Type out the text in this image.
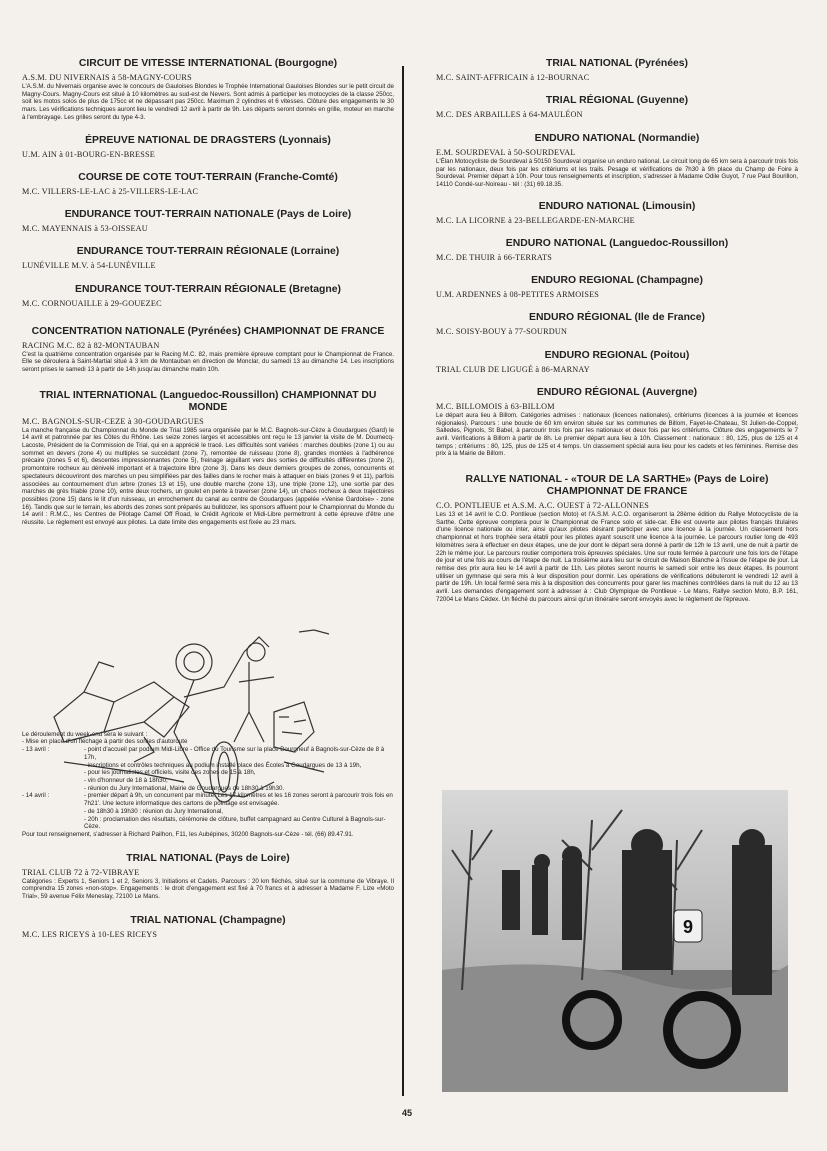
CIRCUIT DE VITESSE INTERNATIONAL (Bourgogne)

A.S.M. DU NIVERNAIS à 58-MAGNY-COURS

L'A.S.M. du Nivernais organise avec le concours de Gauloises Blondes le Trophée International Gauloises Blondes sur le petit circuit de Magny-Cours. Magny-Cours est situé à 10 kilomètres au sud-est de Nevers. Sont admis à participer les motocycles de la classe 250cc, soit les motos solos de plus de 175cc et ne dépassant pas 250cc. Maximum 2 cylindres et 6 vitesses. Clôture des engagements le 30 mars. Les vérifications techniques auront lieu le vendredi 12 avril à partir de 9h. Les départs seront donnés en grille, moteur en marche à l'embrayage. Les grilles seront du type 4-3.

ÉPREUVE NATIONAL DE DRAGSTERS (Lyonnais)

U.M. AIN à 01-BOURG-EN-BRESSE

COURSE DE COTE TOUT-TERRAIN (Franche-Comté)

M.C. VILLERS-LE-LAC à 25-VILLERS-LE-LAC

ENDURANCE TOUT-TERRAIN NATIONALE (Pays de Loire)

M.C. MAYENNAIS à 53-OISSEAU

ENDURANCE TOUT-TERRAIN RÉGIONALE (Lorraine)

LUNÉVILLE M.V. à 54-LUNÉVILLE

ENDURANCE TOUT-TERRAIN RÉGIONALE (Bretagne)

M.C. CORNOUAILLE à 29-GOUEZEC

CONCENTRATION NATIONALE (Pyrénées) CHAMPIONNAT DE FRANCE

RACING M.C. 82 à 82-MONTAUBAN

C'est la quatrième concentration organisée par le Racing M.C. 82, mais première épreuve comptant pour le Championnat de France. Elle se déroulera à Saint-Martial situé à 3 km de Montauban en direction de Monclar, du samedi 13 au dimanche 14. Les inscriptions seront prises le samedi 13 à partir de 14h jusqu'au dimanche matin 10h.

TRIAL INTERNATIONAL (Languedoc-Roussillon) CHAMPIONNAT DU MONDE

M.C. BAGNOLS-SUR-CEZE à 30-GOUDARGUES

La manche française du Championnat du Monde de Trial 1985 sera organisée par le M.C. Bagnols-sur-Cèze à Goudargues (Gard) le 14 avril et patronnée par les Côtes du Rhône. Les seize zones larges et accessibles ont reçu le 13 janvier la visite de M. Doumecq-Lacoste, Président de la Commission de Trial, qui en a apprécié le tracé. Les difficultés sont variées : marches doubles (zone 1) ou au sommet en devers (zone 4) ou multiples se succédant (zone 7), remontée de ruisseau (zone 8), grandes montées à l'adhérence précaire (zones 5 et 6), descentes impressionnantes (zone 5), freinage aiguillant vers des sorties de difficultés différentes (zone 2), promontoire rocheux au dénivelé important et à trajectoire libre (zone 3). Dans les deux derniers groupes de zones, concurrents et spectateurs découvriront des marches un peu simplifiées par des failles dans le rocher mais à attaquer en biais (zones 9 et 11), parfois associées au contournement d'un arbre (zones 13 et 15), une double marche (zone 13), une triple (zone 12), une sortie par des marches de grès friable (zone 10), entre deux rochers, un goulet en pente à traverser (zone 14), un chaos rocheux à deux trajectoires possibles (zone 15) dans le lit d'un ruisseau, un enrochement du canal au centre de Goudargues (appelée «Venise Gardoise» - zone 16). Tandis que sur le terrain, les abords des zones sont préparés au bulldozer, les sponsors affluent pour le Championnat du Monde du 14 avril : R.M.C., les Centres de Pilotage Camel Off Road, le Crédit Agricole et Midi-Libre permettront à cette épreuve d'être une réussite. Le règlement est envoyé aux pilotes. La date limite des engagements est fixée au 23 mars.

Le déroulement du week-end sera le suivant :
- Mise en place d'un fléchage à partir des sorties d'autoroute
- 13 avril :	- point d'accueil par podium Midi-Libre - Office du Tourisme sur la place Bourgneuf à Bagnols-sur-Cèze de 8 à 17h,
- inscriptions et contrôles techniques au podium installé place des Écoles à Goudargues de 13 à 19h,
- pour les journalistes et officiels, visite des zones de 15 à 18h,
- vin d'honneur de 18 à 18h30,
- réunion du Jury International, Mairie de Goudargues de 18h30 à 19h30.
- 14 avril :	- premier départ à 9h, un concurrent par minute. Les 17 kilomètres et les 16 zones seront à parcourir trois fois en 7h21'. Une lecture informatique des cartons de pointage est envisagée.
- de 18h30 à 19h30 : réunion du Jury International,
- 20h : proclamation des résultats, cérémonie de clôture, buffet campagnard au Centre Culturel à Bagnols-sur-Cèze.
Pour tout renseignement, s'adresser à Richard Pailhon, F11, les Aubépines, 30200 Bagnols-sur-Cèze - tél. (66) 89.47.91.

TRIAL NATIONAL (Pays de Loire)

TRIAL CLUB 72 à 72-VIBRAYE

Catégories : Experts 1, Seniors 1 et 2, Seniors 3, Initiations et Cadets. Parcours : 20 km fléchés, situé sur la commune de Vibraye. Il comprendra 15 zones «non-stop». Engagements : le droit d'engagement est fixé à 70 francs et à adresser à Madame F. Lize «Moto Trial», 59 avenue Félix Meneslay, 72100 Le Mans.

TRIAL NATIONAL (Champagne)

M.C. LES RICEYS à 10-LES RICEYS

TRIAL NATIONAL (Pyrénées)

M.C. SAINT-AFFRICAIN à 12-BOURNAC

TRIAL RÉGIONAL (Guyenne)

M.C. DES ARBAILLES à 64-MAULÉON

ENDURO NATIONAL (Normandie)

E.M. SOURDEVAL à 50-SOURDEVAL

L'Élan Motocycliste de Sourdeval à 50150 Sourdeval organise un enduro national. Le circuit long de 65 km sera à parcourir trois fois par les nationaux, deux fois par les critériums et les trails. Pesage et vérifications de 7h30 à 9h place du Champ de Foire à Sourdeval. Premier départ à 10h. Pour tous renseignements et inscription, s'adresser à Madame Odile Guyot, 7 rue Paul Bourillon, 14110 Condé-sur-Noireau - tél : (31) 69.18.35.

ENDURO NATIONAL (Limousin)

M.C. LA LICORNE à 23-BELLEGARDE-EN-MARCHE

ENDURO NATIONAL (Languedoc-Roussillon)

M.C. DE THUIR à 66-TERRATS

ENDURO REGIONAL (Champagne)

U.M. ARDENNES à 08-PETITES ARMOISES

ENDURO RÉGIONAL (Ile de France)

M.C. SOISY-BOUY à 77-SOURDUN

ENDURO REGIONAL (Poitou)

TRIAL CLUB DE LIGUGÉ à 86-MARNAY

ENDURO RÉGIONAL (Auvergne)

M.C. BILLOMOIS à 63-BILLOM

Le départ aura lieu à Billom. Catégories admises : nationaux (licences nationales), critériums (licences à la journée et licences régionales). Parcours : une boucle de 60 km environ située sur les communes de Billom, Fayet-le-Chateau, St Julien-de-Coppel, Salledes, Pignols, St Babel, à parcourir trois fois par les nationaux et deux fois par les critériums. Clôture des engagements le 7 avril. Vérifications à Billom à partir de 8h. Le premier départ aura lieu à 10h. Classement : nationaux : 80, 125, plus de 125 et 4 temps ; critériums : 80, 125, plus de 125 et 4 temps. Un classement spécial aura lieu pour les cadets et les féminines. Remise des prix à la Mairie de Billom.

RALLYE NATIONAL - «TOUR DE LA SARTHE» (Pays de Loire) CHAMPIONNAT DE FRANCE

C.O. PONTLIEUE et A.S.M. A.C. OUEST à 72-ALLONNES

Les 13 et 14 avril le C.O. Pontlieue (section Moto) et l'A.S.M. A.C.O. organiseront la 28ème édition du Rallye Motocycliste de la Sarthe. Cette épreuve comptera pour le Championnat de France solo et side-car. Elle est ouverte aux pilotes français titulaires d'une licence nationale ou inter, ainsi qu'aux pilotes désirant participer avec une licence à la journée. Un classement hors championnat et hors trophée sera établi pour les pilotes ayant souscrit une licence à la journée. Le parcours routier long de 493 kilomètres sera à effectuer en deux étapes, une de jour dont le départ sera donné à partir de 12h le 13 avril, une de nuit à partir de 22h le même jour. Le parcours routier comportera trois épreuves spéciales. Une sur route fermée à parcourir une fois lors de l'étape de jour et une fois au cours de l'étape de nuit. La troisième aura lieu sur le circuit de Maison Blanche à l'issue de l'étape de jour. La remise des prix aura lieu le 14 avril à partir de 11h. Les pilotes seront nourris le samedi soir entre les deux étapes. Ils pourront utiliser un gymnase qui sera mis à leur disposition pour dormir. Les opérations de vérifications débuteront le vendredi 12 avril à partir de 19h. Un local fermé sera mis à la disposition des concurrents pour garer les machines contrôlées dans la nuit du 12 au 13 avril. Les demandes d'engagement sont à adresser à : Club Olympique de Pontlieue - Le Mans, Rallye section Moto, B.P. 161, 72004 Le Mans Cédex. Un fléché du parcours ainsi qu'un itinéraire seront envoyés avec le règlement de l'épreuve.

9
45
